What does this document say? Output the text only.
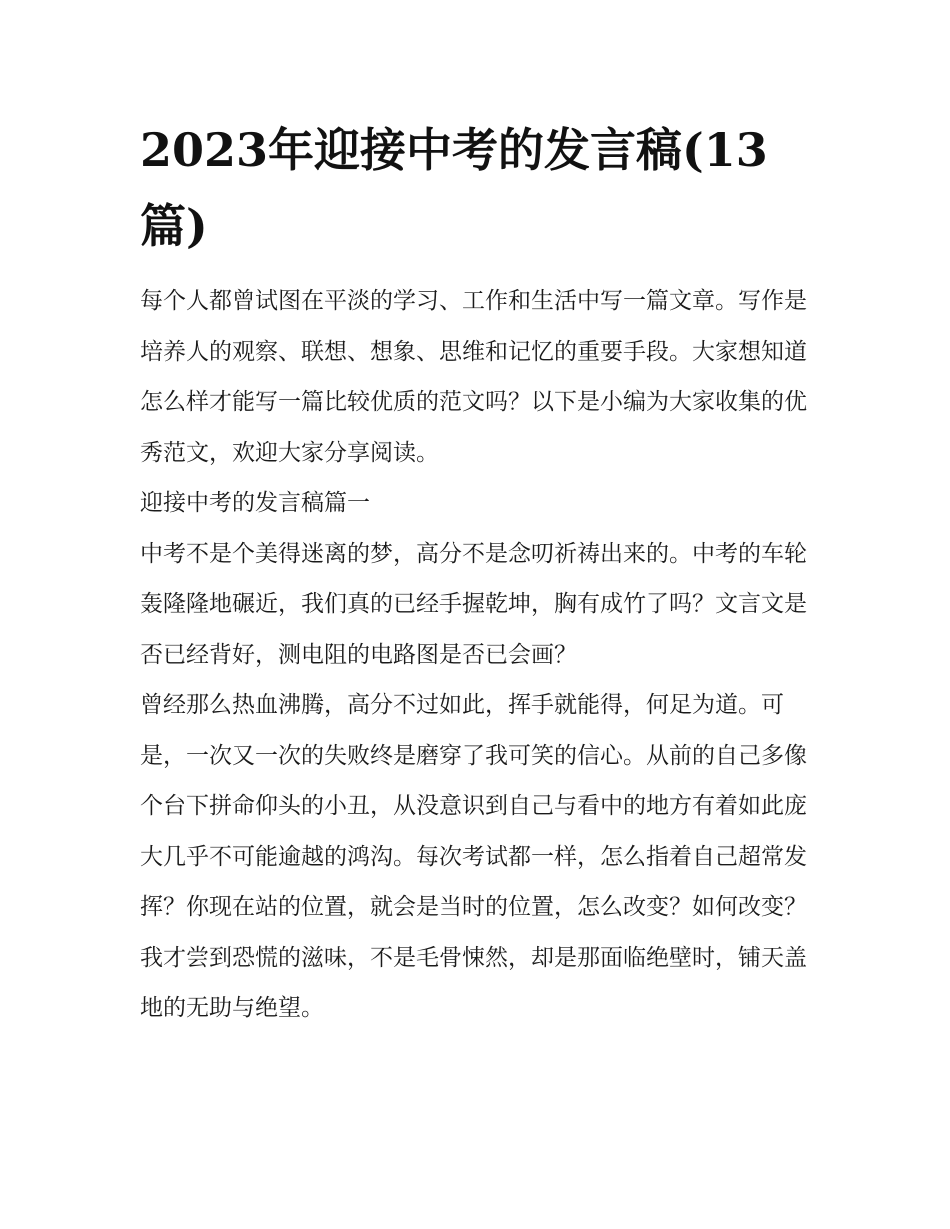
2023年迎接中考的发言稿(13篇)

每个人都曾试图在平淡的学习、工作和生活中写一篇文章。写作是培养人的观察、联想、想象、思维和记忆的重要手段。大家想知道怎么样才能写一篇比较优质的范文吗？以下是小编为大家收集的优秀范文，欢迎大家分享阅读。

迎接中考的发言稿篇一

中考不是个美得迷离的梦，高分不是念叨祈祷出来的。中考的车轮轰隆隆地碾近，我们真的已经手握乾坤，胸有成竹了吗？文言文是否已经背好，测电阻的电路图是否已会画？

曾经那么热血沸腾，高分不过如此，挥手就能得，何足为道。可是，一次又一次的失败终是磨穿了我可笑的信心。从前的自己多像个台下拼命仰头的小丑，从没意识到自己与看中的地方有着如此庞大几乎不可能逾越的鸿沟。每次考试都一样，怎么指着自己超常发挥？你现在站的位置，就会是当时的位置，怎么改变？如何改变？

我才尝到恐慌的滋味，不是毛骨悚然，却是那面临绝壁时，铺天盖地的无助与绝望。
